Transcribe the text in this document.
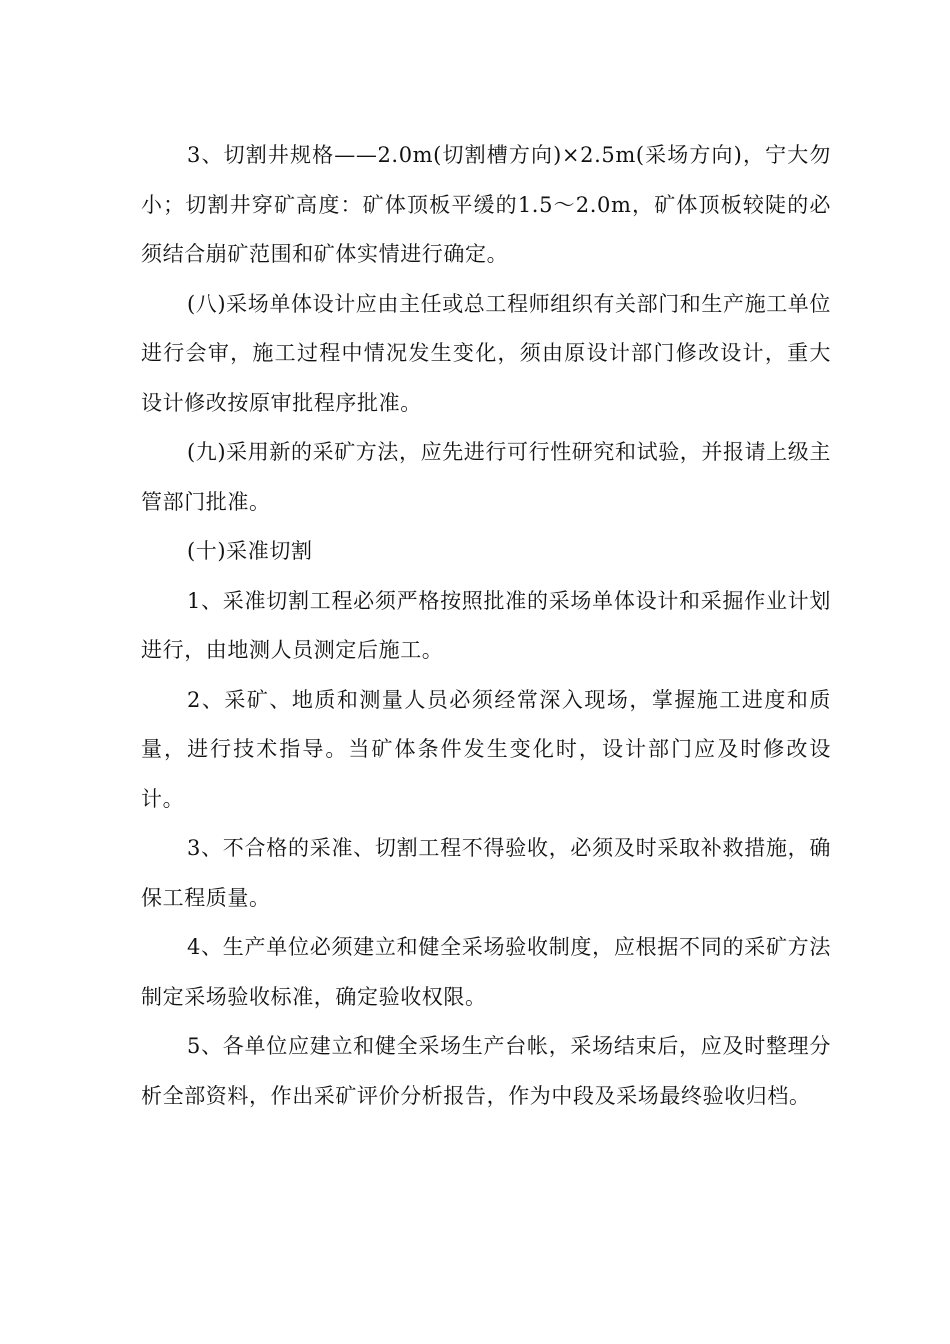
3、切割井规格——2.0m(切割槽方向)×2.5m(采场方向)，宁大勿小；切割井穿矿高度：矿体顶板平缓的1.5～2.0m，矿体顶板较陡的必须结合崩矿范围和矿体实情进行确定。

(八)采场单体设计应由主任或总工程师组织有关部门和生产施工单位进行会审，施工过程中情况发生变化，须由原设计部门修改设计，重大设计修改按原审批程序批准。

(九)采用新的采矿方法，应先进行可行性研究和试验，并报请上级主管部门批准。

(十)采准切割

1、采准切割工程必须严格按照批准的采场单体设计和采掘作业计划进行，由地测人员测定后施工。

2、采矿、地质和测量人员必须经常深入现场，掌握施工进度和质量，进行技术指导。当矿体条件发生变化时，设计部门应及时修改设计。

3、不合格的采准、切割工程不得验收，必须及时采取补救措施，确保工程质量。

4、生产单位必须建立和健全采场验收制度，应根据不同的采矿方法制定采场验收标准，确定验收权限。

5、各单位应建立和健全采场生产台帐，采场结束后，应及时整理分析全部资料，作出采矿评价分析报告，作为中段及采场最终验收归档。
